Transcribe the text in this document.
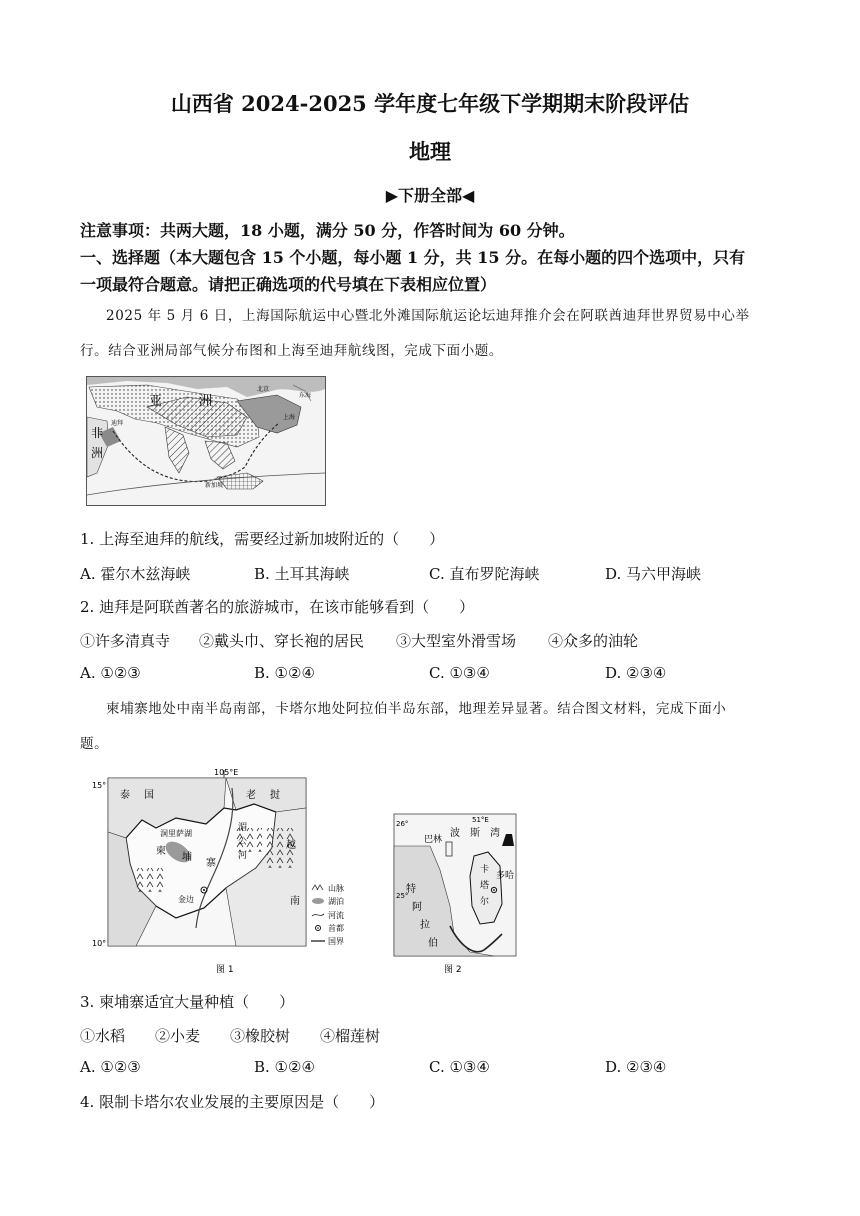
山西省 2024-2025 学年度七年级下学期期末阶段评估
地理
▶下册全部◀
注意事项：共两大题，18 小题，满分 50 分，作答时间为 60 分钟。
一、选择题（本大题包含 15 个小题，每小题 1 分，共 15 分。在每小题的四个选项中，只有
一项最符合题意。请把正确选项的代号填在下表相应位置）
2025 年 5 月 6 日，上海国际航运中心暨北外滩国际航运论坛迪拜推介会在阿联酋迪拜世界贸易中心举
行。结合亚洲局部气候分布图和上海至迪拜航线图，完成下面小题。
亚	洲
非
洲
北京
上海
迪拜
新加坡
东海
1. 上海至迪拜的航线，需要经过新加坡附近的（　　）
A. 霍尔木兹海峡	B. 土耳其海峡	C. 直布罗陀海峡	D. 马六甲海峡
2. 迪拜是阿联酋著名的旅游城市，在该市能够看到（　　）
①许多清真寺 ②戴头巾、穿长袍的居民 ③大型室外滑雪场 ④众多的油轮
A. ①②③	B. ①②④	C. ①③④	D. ②③④
柬埔寨地处中南半岛南部，卡塔尔地处阿拉伯半岛东部，地理差异显著。结合图文材料，完成下面小
题。
105°E
15°
10°
泰 国	老 挝
洞里萨湖
柬
埔
寨
湄
公
河
越
南
金边
山脉
湖泊
河流
首都
国界
图 1
26°
25°
51°E
波 斯 湾
巴林
卡
塔
尔
多哈
特
阿
拉
伯
图 2
3. 柬埔寨适宜大量种植（　　）
①水稻 ②小麦 ③橡胶树 ④榴莲树
A. ①②③	B. ①②④	C. ①③④	D. ②③④
4. 限制卡塔尔农业发展的主要原因是（　　）
